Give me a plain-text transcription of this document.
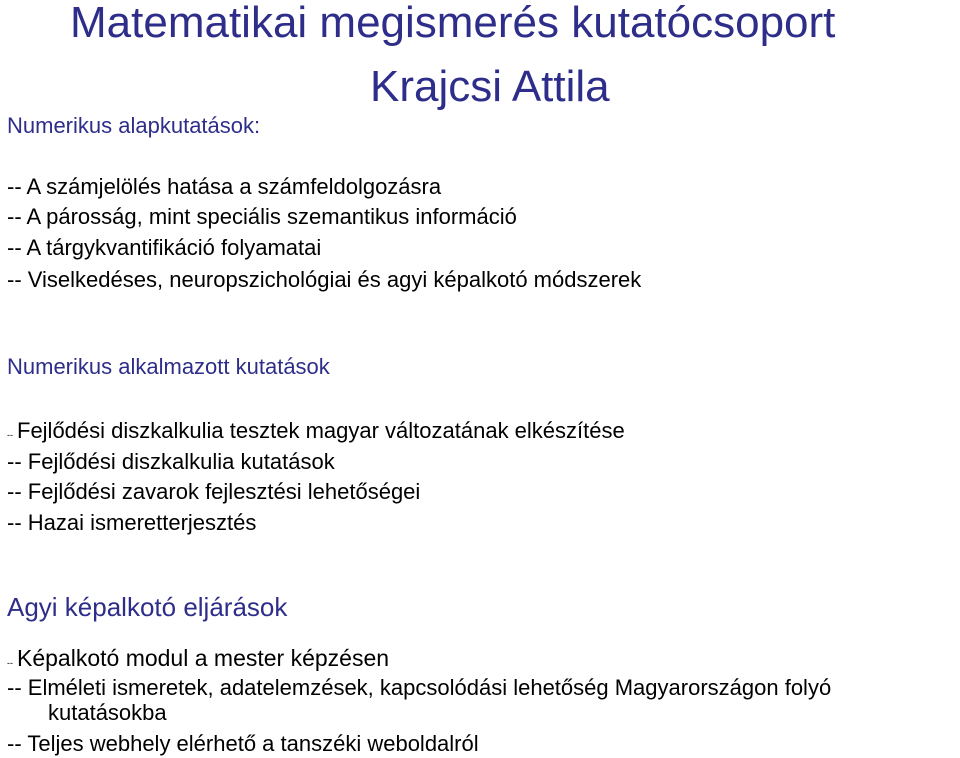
Matematikai megismerés kutatócsoport
Krajcsi Attila
Numerikus alapkutatások:
-- A számjelölés hatása a számfeldolgozásra
-- A párosság, mint speciális szemantikus információ
-- A tárgykvantifikáció folyamatai
-- Viselkedéses, neuropszichológiai és agyi képalkotó módszerek
Numerikus alkalmazott kutatások
-- Fejlődési diszkalkulia tesztek magyar változatának elkészítése
-- Fejlődési diszkalkulia kutatások
-- Fejlődési zavarok fejlesztési lehetőségei
-- Hazai ismeretterjesztés
Agyi képalkotó eljárások
-- Képalkotó modul a mester képzésen
-- Elméleti ismeretek, adatelemzések, kapcsolódási lehetőség Magyarországon folyó
kutatásokba
-- Teljes webhely elérhető a tanszéki weboldalról
